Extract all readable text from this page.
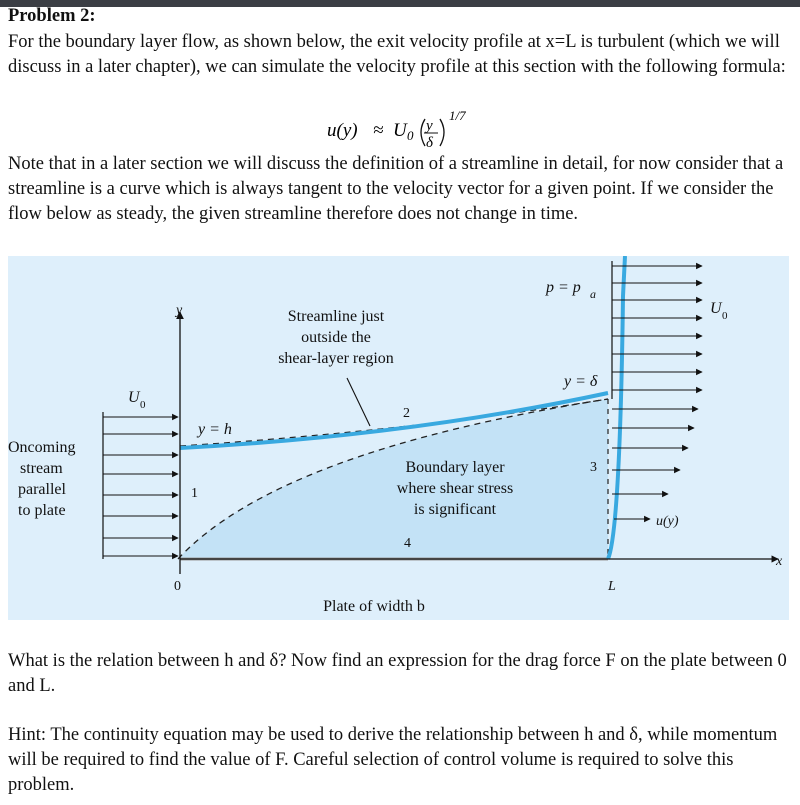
Problem 2:
For the boundary layer flow, as shown below, the exit velocity profile at x=L is turbulent (which we will discuss in a later chapter), we can simulate the velocity profile at this section with the following formula:
u(y) ≈ U 0
y
δ
1/7
Note that in a later section we will discuss the definition of a streamline in detail, for now consider that a streamline is a curve which is always tangent to the velocity vector for a given point. If we consider the flow below as steady, the given streamline therefore does not change in time.
Oncoming
stream
parallel
to plate
Streamline just
outside the
shear-layer region
Boundary layer
where shear stress
is significant
p = p a
y
x
y = h
y = δ
U 0
U 0
u(y)
0	L
Plate of width b
1
2
3
4
What is the relation between h and δ? Now find an expression for the drag force F on the plate between 0 and L.
Hint: The continuity equation may be used to derive the relationship between h and δ, while momentum will be required to find the value of F. Careful selection of control volume is required to solve this problem.
